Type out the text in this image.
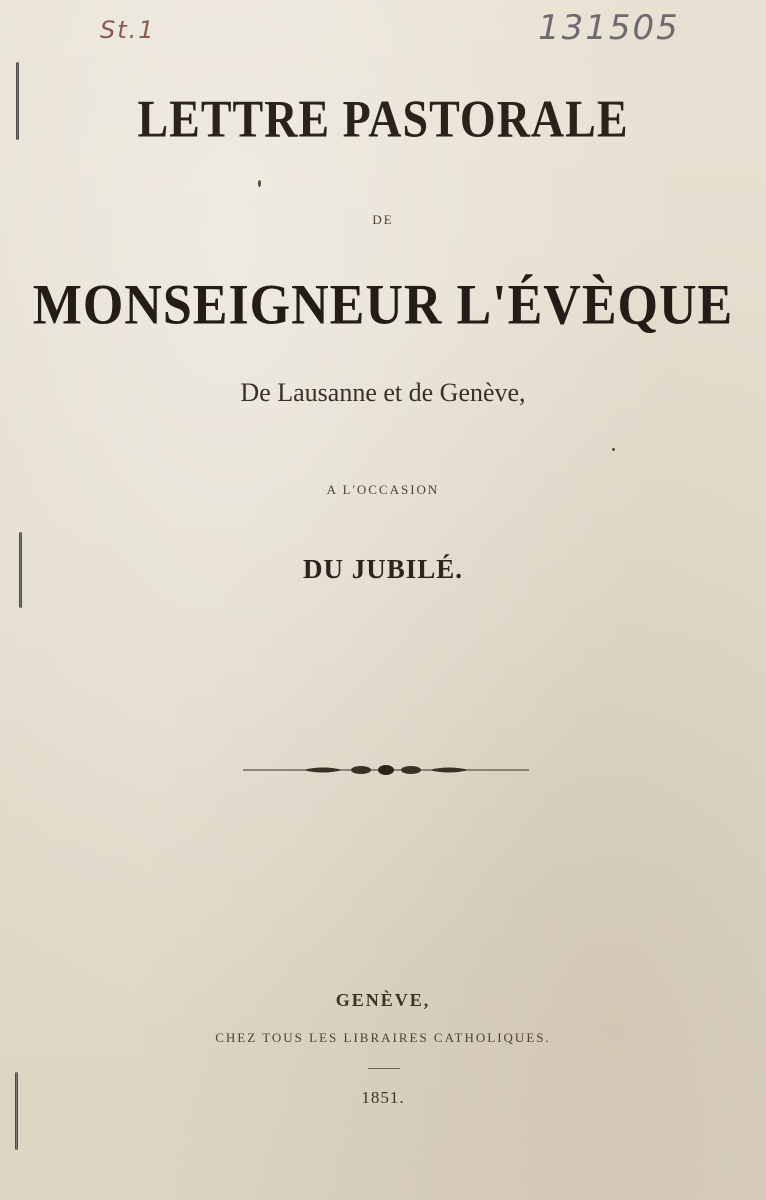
St.1	131505
LETTRE PASTORALE
DE
MONSEIGNEUR L'ÉVÈQUE
De Lausanne et de Genève,
A L'OCCASION
DU JUBILÉ.
GENÈVE,
CHEZ TOUS LES LIBRAIRES CATHOLIQUES.
1851.
